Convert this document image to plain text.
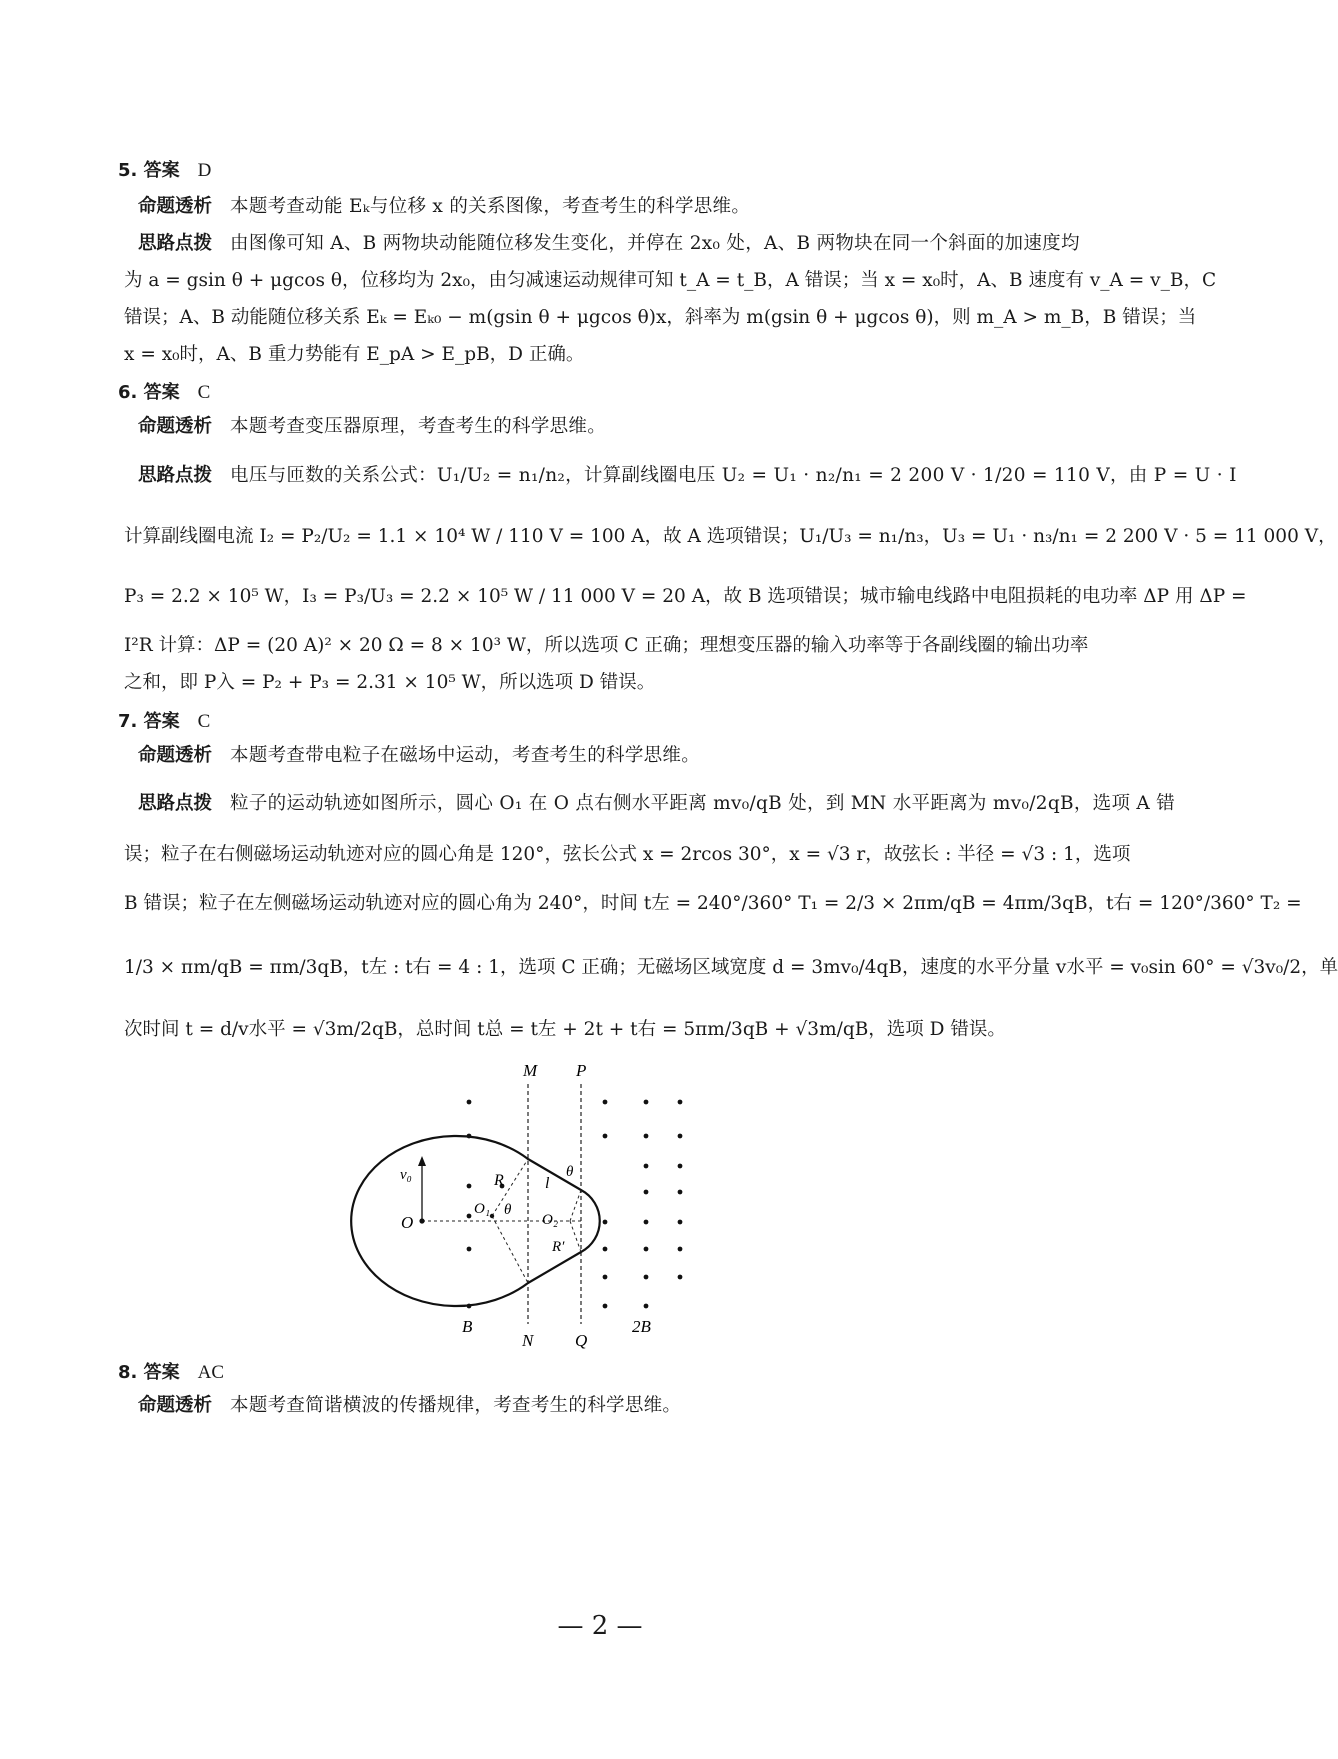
5. 答案 D
命题透析 本题考查动能 Eₖ与位移 x 的关系图像，考查考生的科学思维。
思路点拨 由图像可知 A、B 两物块动能随位移发生变化，并停在 2x₀ 处，A、B 两物块在同一个斜面的加速度均
为 a = gsin θ + μgcos θ，位移均为 2x₀，由匀减速运动规律可知 t_A = t_B，A 错误；当 x = x₀时，A、B 速度有 v_A = v_B，C
错误；A、B 动能随位移关系 Eₖ = Eₖ₀ − m(gsin θ + μgcos θ)x，斜率为 m(gsin θ + μgcos θ)，则 m_A > m_B，B 错误；当
x = x₀时，A、B 重力势能有 E_pA > E_pB，D 正确。
6. 答案 C
命题透析 本题考查变压器原理，考查考生的科学思维。
思路点拨 电压与匝数的关系公式：U₁/U₂ = n₁/n₂，计算副线圈电压 U₂ = U₁ · n₂/n₁ = 2 200 V · 1/20 = 110 V，由 P = U · I
计算副线圈电流 I₂ = P₂/U₂ = 1.1 × 10⁴ W / 110 V = 100 A，故 A 选项错误；U₁/U₃ = n₁/n₃，U₃ = U₁ · n₃/n₁ = 2 200 V · 5 = 11 000 V，
P₃ = 2.2 × 10⁵ W，I₃ = P₃/U₃ = 2.2 × 10⁵ W / 11 000 V = 20 A，故 B 选项错误；城市输电线路中电阻损耗的电功率 ΔP 用 ΔP =
I²R 计算：ΔP = (20 A)² × 20 Ω = 8 × 10³ W，所以选项 C 正确；理想变压器的输入功率等于各副线圈的输出功率
之和，即 P入 = P₂ + P₃ = 2.31 × 10⁵ W，所以选项 D 错误。
7. 答案 C
命题透析 本题考查带电粒子在磁场中运动，考查考生的科学思维。
思路点拨 粒子的运动轨迹如图所示，圆心 O₁ 在 O 点右侧水平距离 mv₀/qB 处，到 MN 水平距离为 mv₀/2qB，选项 A 错
误；粒子在右侧磁场运动轨迹对应的圆心角是 120°，弦长公式 x = 2rcos 30°，x = √3 r，故弦长 : 半径 = √3 : 1，选项
B 错误；粒子在左侧磁场运动轨迹对应的圆心角为 240°，时间 t左 = 240°/360° T₁ = 2/3 × 2πm/qB = 4πm/3qB，t右 = 120°/360° T₂ =
1/3 × πm/qB = πm/3qB，t左 : t右 = 4 : 1，选项 C 正确；无磁场区域宽度 d = 3mv₀/4qB，速度的水平分量 v水平 = v₀sin 60° = √3v₀/2，单
次时间 t = d/v水平 = √3m/2qB，总时间 t总 = t左 + 2t + t右 = 5πm/3qB + √3m/qB，选项 D 错误。
M P
N Q
B	2B
v₀
O
O₁ θ
R	l
θ
O₂
R′
8. 答案 AC
命题透析 本题考查简谐横波的传播规律，考查考生的科学思维。
— 2 —
